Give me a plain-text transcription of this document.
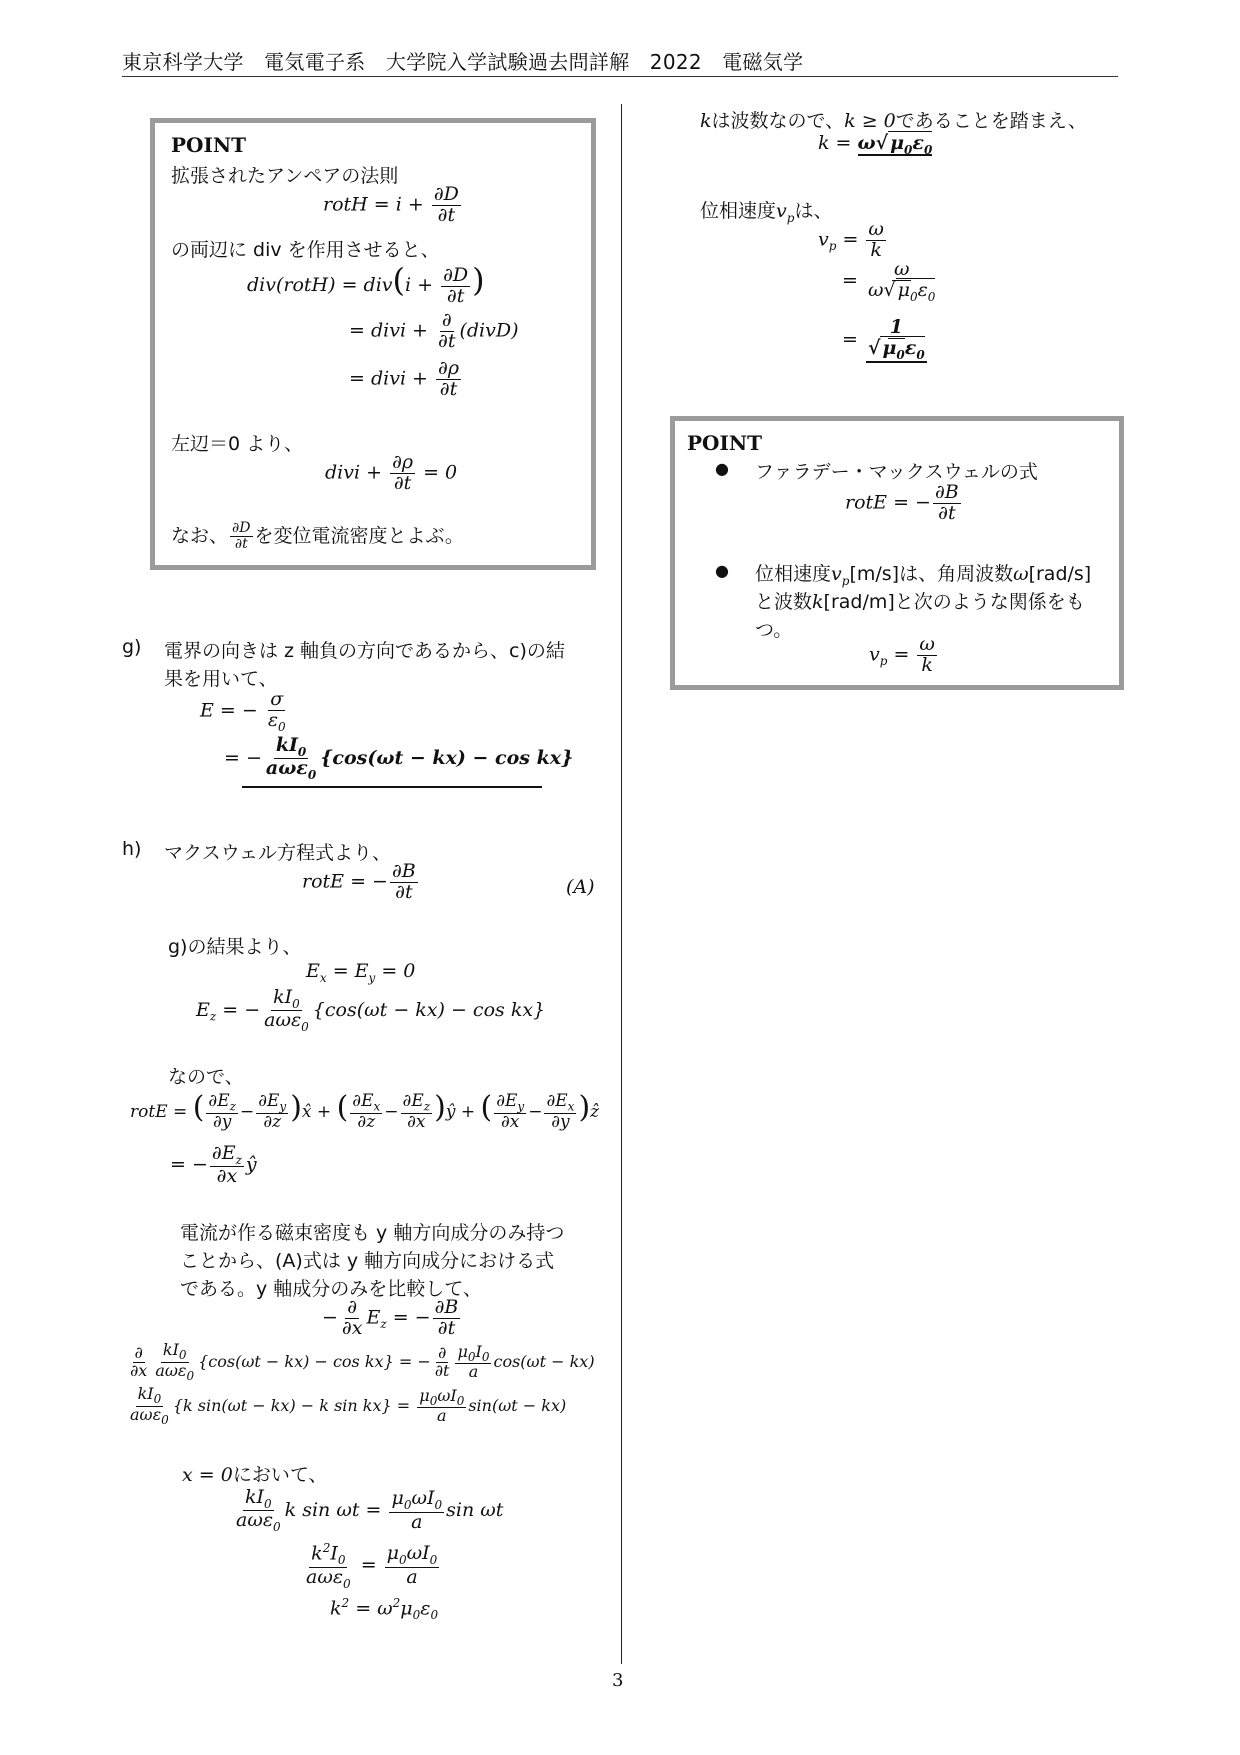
東京科学大学　電気電子系　大学院入学試験過去問詳解　2022　電磁気学
POINT
拡張されたアンペアの法則
rotH = $i + \frac{\partial D}{\partial t}$
の両辺に div を作用させると、
div(rotH) = $div(i + \frac{\partial D}{\partial t}$ )
= divi + $\frac{\partial}{\partial t}$ (divD)
= divi + $\frac{\partial\rho}{\partial t}$
左辺＝0 より、
divi + $\frac{\partial\rho}{\partial t} = 0$
なお、 $\frac{\partial D}{\partial t}$ を変位電流密度とよぶ。
g) 電界の向きは z 軸負の方向であるから、c)の結
果を用いて、
E = − $\frac{\sigma}{\varepsilon_0}$
= − $\frac{kI_0}{a\omega\varepsilon_0} \{\cos(\omega t - kx) - \cos kx\}$
h) マクスウェル方程式より、
rotE = − $\frac{\partial B}{\partial t}$	(A)
g)の結果より、
$E_x = E_y = 0$
$E_z$ = − $\frac{kI_0}{a\omega\varepsilon_0} \{\cos(\omega t - kx) - \cos kx\}$
なので、
rotE = ( $\frac{\partial E_z}{\partial y} - \frac{\partial E_y}{\partial z}$ )x̂ + ( $\frac{\partial E_x}{\partial z} - \frac{\partial E_z}{\partial x}$ )ŷ + ( $\frac{\partial E_y}{\partial x} - \frac{\partial E_x}{\partial y}$ )ẑ
= − $\frac{\partial E_z}{\partial x}$ ŷ
電流が作る磁束密度も y 軸方向成分のみ持つ
ことから、(A)式は y 軸方向成分における式
である。y 軸成分のみを比較して、
− $\frac{\partial}{\partial x} E_z$ = − $\frac{\partial B}{\partial t}$
$\frac{\partial}{\partial x} \frac{kI_0}{a\omega\varepsilon_0} \{\cos(\omega t - kx) - \cos kx\}$ = − $\frac{\partial}{\partial t} \frac{\mu_0I_0}{a} \cos(\omega t - kx)$
$\frac{kI_0}{a\omega\varepsilon_0} \{k$ sin(ωt − kx) − k $\sin kx\} = \frac{\mu_0\omega I_0}{a} \sin(\omega t - kx)$
x = 0において、
$\frac{kI_0}{a\omega\varepsilon_0}$ k $\sin \omega t = \frac{\mu_0\omega I_0}{a}$ sin ωt
$\frac{k^2I_0}{a\omega\varepsilon_0} = \frac{\mu_0\omega I_0}{a}$
$k^2 = \omega^2\mu_0\varepsilon_0$
kは波数なので、k ≥ 0であることを踏まえ、
k = ω√ $\mu_0\varepsilon_0$
位相速度$v_p$は、
$v_p = \frac{\omega}{k}$
= $\frac{\omega}{\omega√ \mu_0\varepsilon_0}$
= $\frac{1}{√ \mu_0\varepsilon_0}$
POINT
● ファラデー・マックスウェルの式
rotE = − $\frac{\partial B}{\partial t}$
● 位相速度$v_p[m/s]$は、角周波数ω[rad/s]
と波数k[rad/m]と次のような関係をも
つ。
$v_p = \frac{\omega}{k}$
3
